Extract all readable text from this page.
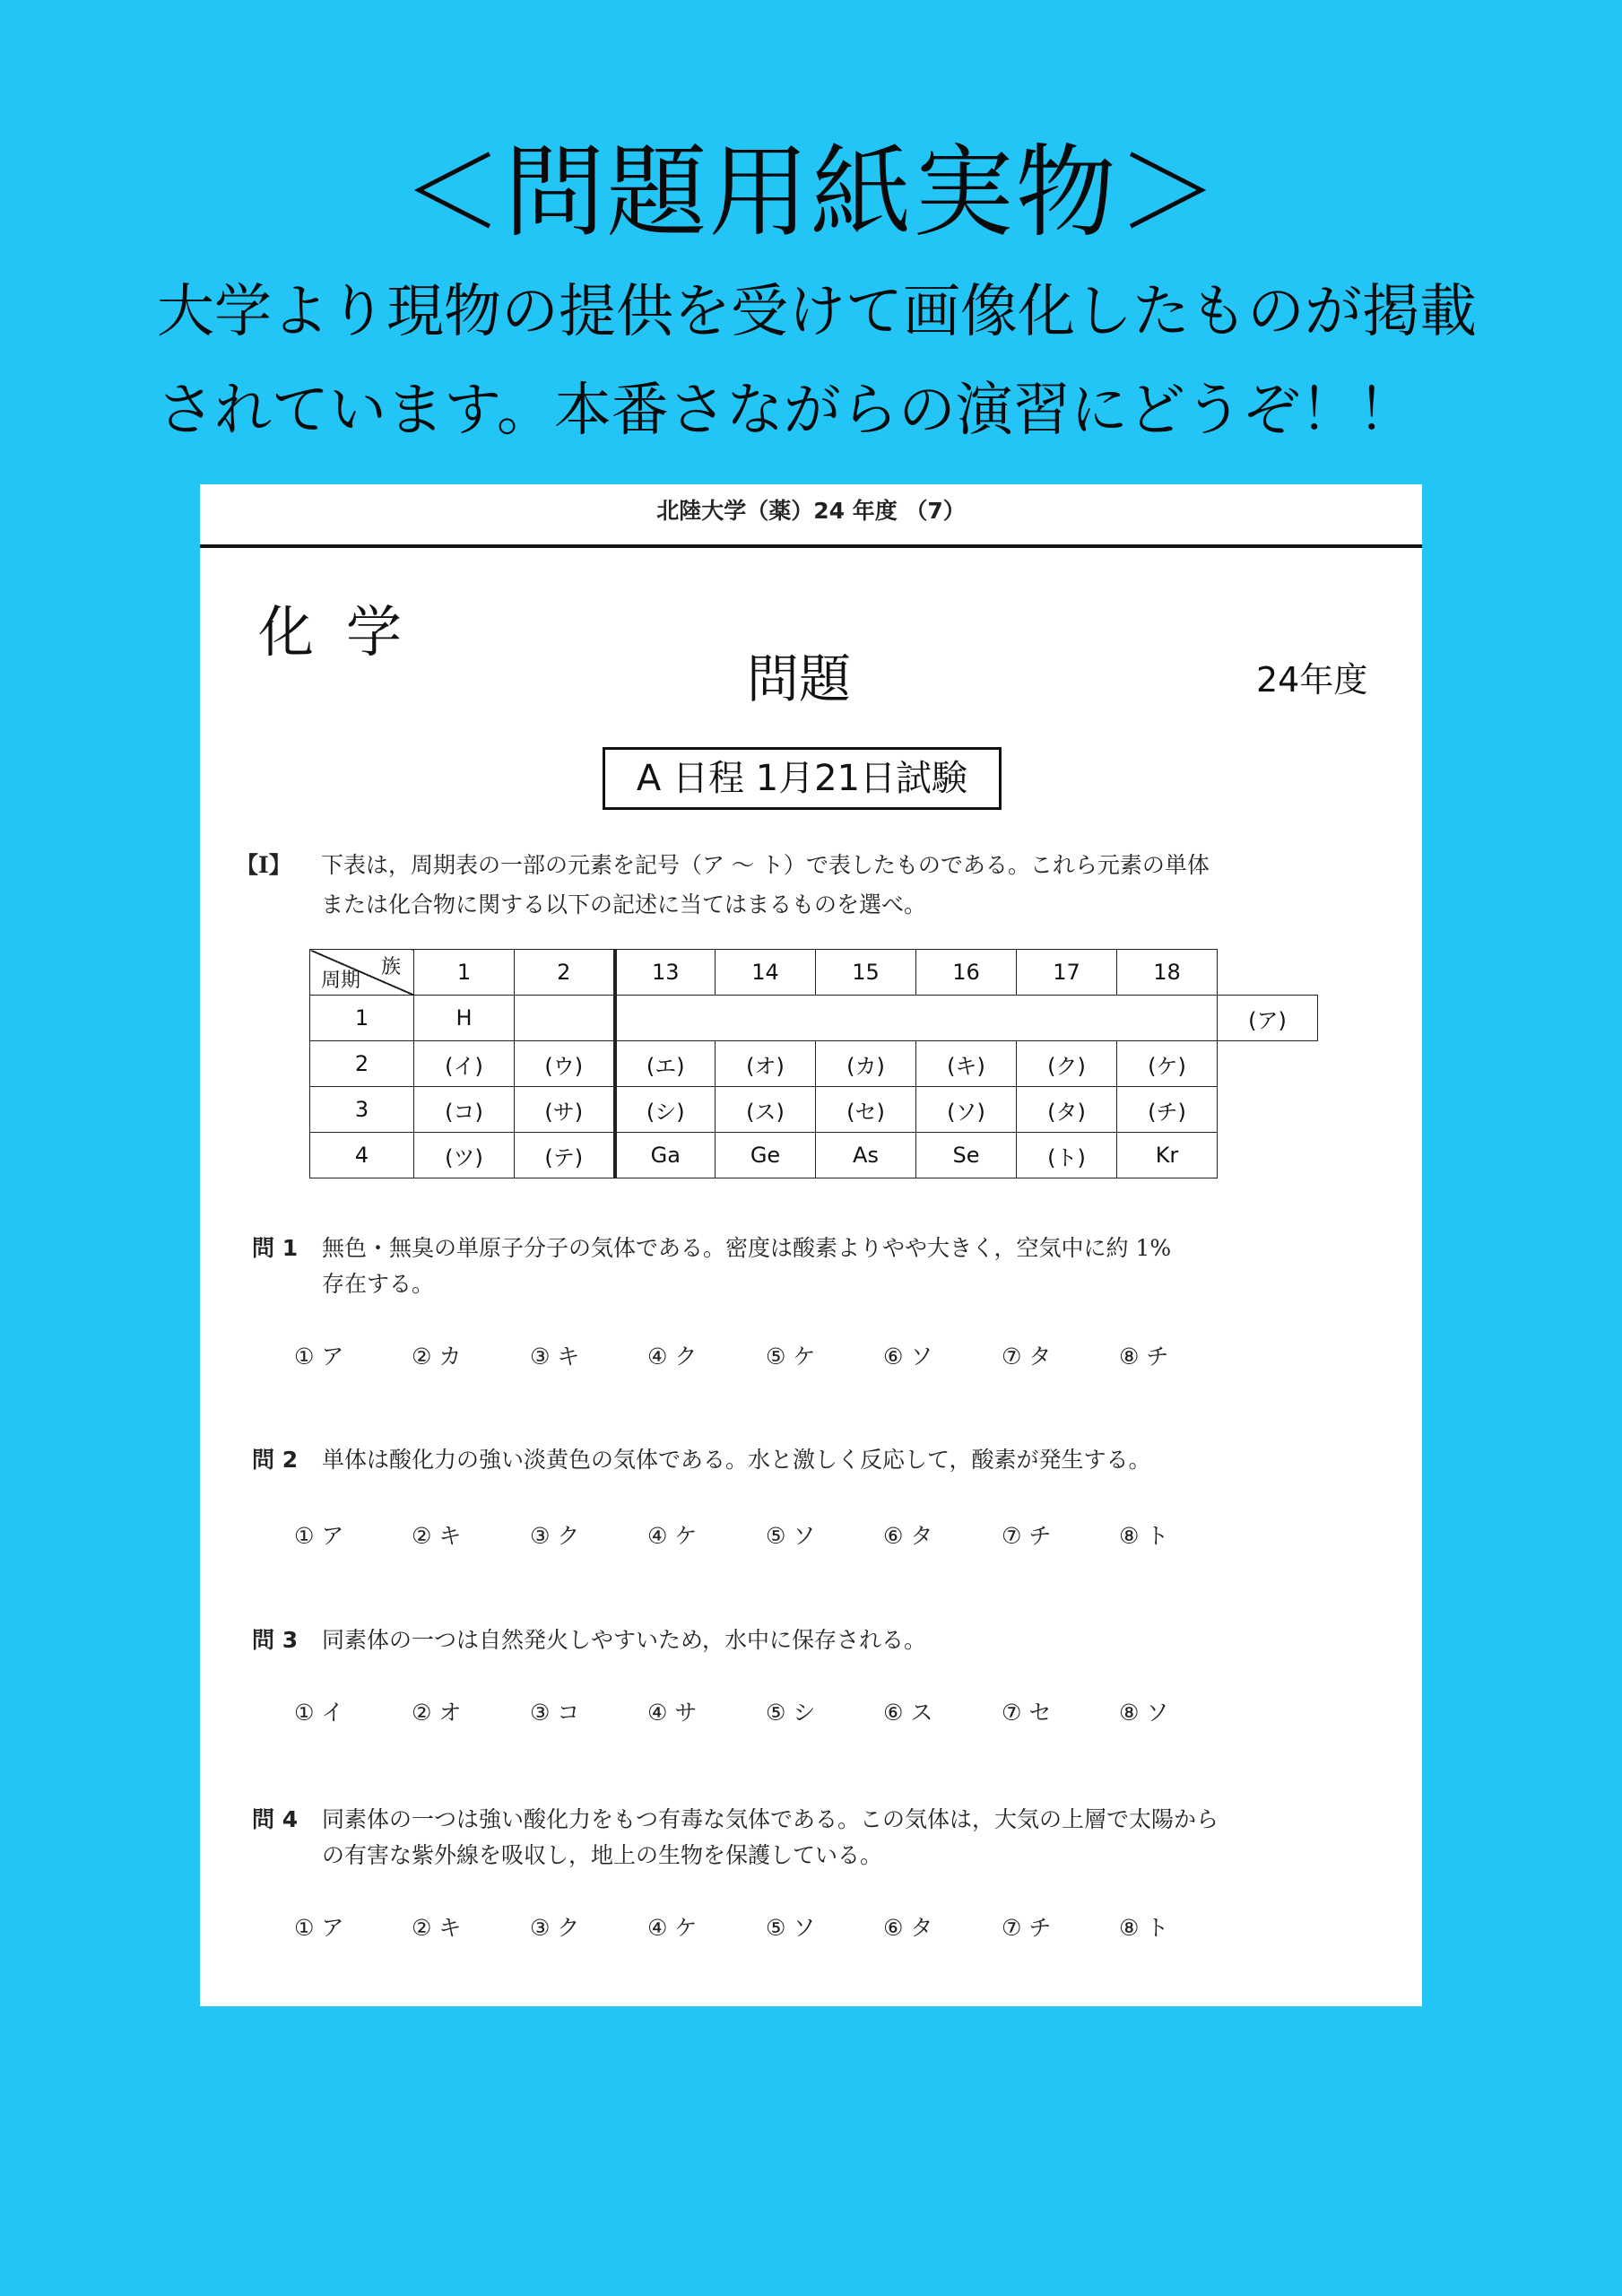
＜問題用紙実物＞
大学より現物の提供を受けて画像化したものが掲載
されています。本番さながらの演習にどうぞ！！
北陸大学（薬）24 年度 （7）
化学
問題	24年度
A 日程 1月21日試験
【Ⅰ】 下表は，周期表の一部の元素を記号（ア ～ ト）で表したものである。これら元素の単体
または化合物に関する以下の記述に当てはまるものを選べ。
族
周期	1	2	13	14	15	16	17	18	
1	H								(ア)
2	(イ)	(ウ)	(エ)	(オ)	(カ)	(キ)	(ク)	(ケ)	
3	(コ)	(サ)	(シ)	(ス)	(セ)	(ソ)	(タ)	(チ)	
4	(ツ)	(テ)	Ga	Ge	As	Se	(ト)	Kr	
問 1 無色・無臭の単原子分子の気体である。密度は酸素よりやや大きく，空気中に約 1%
存在する。
① ア	② カ	③ キ	④ ク	⑤ ケ	⑥ ソ	⑦ タ	⑧ チ
問 2 単体は酸化力の強い淡黄色の気体である。水と激しく反応して，酸素が発生する。
① ア	② キ	③ ク	④ ケ	⑤ ソ	⑥ タ	⑦ チ	⑧ ト
問 3 同素体の一つは自然発火しやすいため，水中に保存される。
① イ	② オ	③ コ	④ サ	⑤ シ	⑥ ス	⑦ セ	⑧ ソ
問 4 同素体の一つは強い酸化力をもつ有毒な気体である。この気体は，大気の上層で太陽から
の有害な紫外線を吸収し，地上の生物を保護している。
① ア	② キ	③ ク	④ ケ	⑤ ソ	⑥ タ	⑦ チ	⑧ ト
